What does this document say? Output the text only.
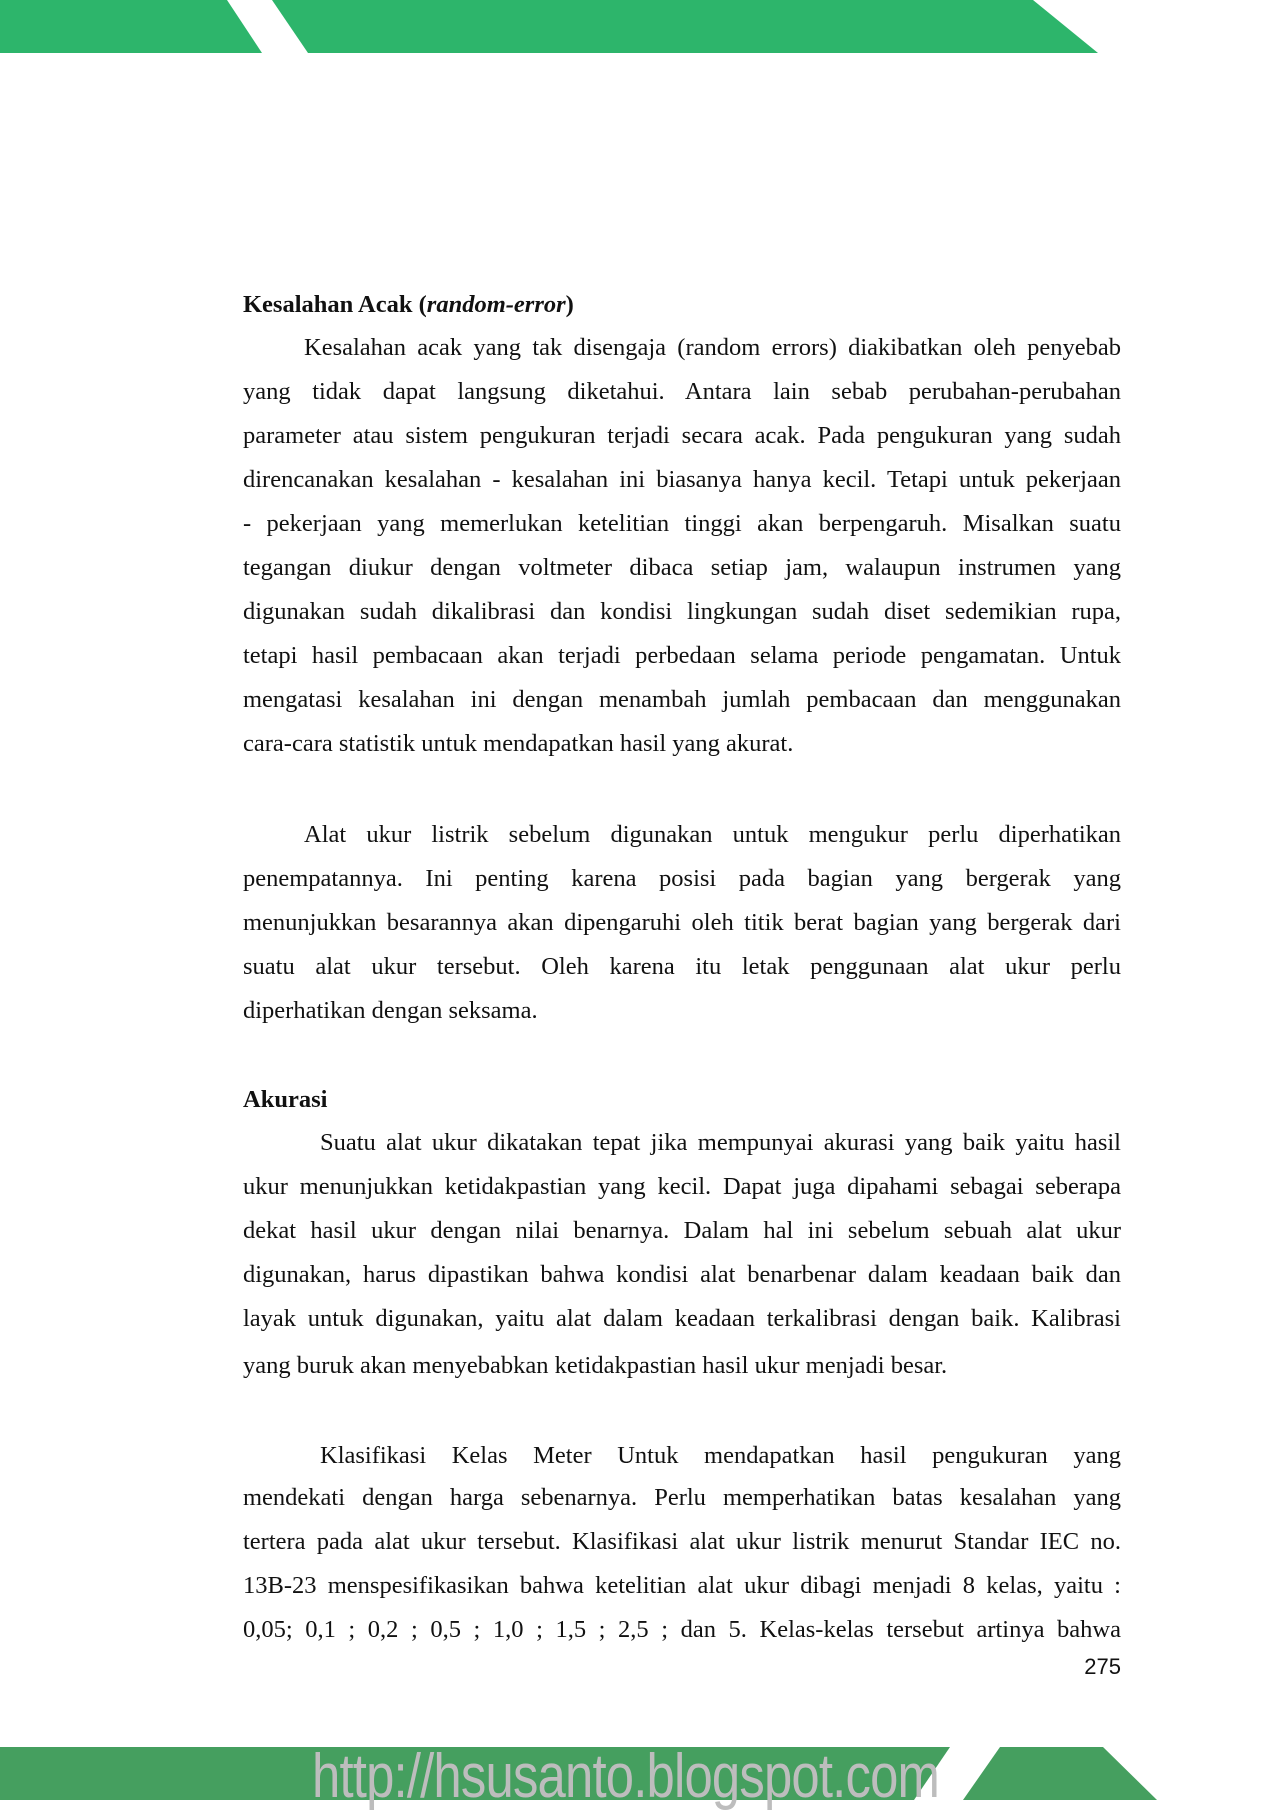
Kesalahan Acak (random-error)
Kesalahan acak yang tak disengaja (random errors) diakibatkan oleh penyebab
yang tidak dapat langsung diketahui. Antara lain sebab perubahan-perubahan
parameter atau sistem pengukuran terjadi secara acak. Pada pengukuran yang sudah
direncanakan kesalahan - kesalahan ini biasanya hanya kecil. Tetapi untuk pekerjaan
- pekerjaan yang memerlukan ketelitian tinggi akan berpengaruh. Misalkan suatu
tegangan diukur dengan voltmeter dibaca setiap jam, walaupun instrumen yang
digunakan sudah dikalibrasi dan kondisi lingkungan sudah diset sedemikian rupa,
tetapi hasil pembacaan akan terjadi perbedaan selama periode pengamatan. Untuk
mengatasi kesalahan ini dengan menambah jumlah pembacaan dan menggunakan
cara-cara statistik untuk mendapatkan hasil yang akurat.
Alat ukur listrik sebelum digunakan untuk mengukur perlu diperhatikan
penempatannya. Ini penting karena posisi pada bagian yang bergerak yang
menunjukkan besarannya akan dipengaruhi oleh titik berat bagian yang bergerak dari
suatu alat ukur tersebut. Oleh karena itu letak penggunaan alat ukur perlu
diperhatikan dengan seksama.
Akurasi
Suatu alat ukur dikatakan tepat jika mempunyai akurasi yang baik yaitu hasil
ukur menunjukkan ketidakpastian yang kecil. Dapat juga dipahami sebagai seberapa
dekat hasil ukur dengan nilai benarnya. Dalam hal ini sebelum sebuah alat ukur
digunakan, harus dipastikan bahwa kondisi alat benarbenar dalam keadaan baik dan
layak untuk digunakan, yaitu alat dalam keadaan terkalibrasi dengan baik. Kalibrasi
yang buruk akan menyebabkan ketidakpastian hasil ukur menjadi besar.
Klasifikasi Kelas Meter Untuk mendapatkan hasil pengukuran yang
mendekati dengan harga sebenarnya. Perlu memperhatikan batas kesalahan yang
tertera pada alat ukur tersebut. Klasifikasi alat ukur listrik menurut Standar IEC no.
13B-23 menspesifikasikan bahwa ketelitian alat ukur dibagi menjadi 8 kelas, yaitu :
0,05; 0,1 ; 0,2 ; 0,5 ; 1,0 ; 1,5 ; 2,5 ; dan 5. Kelas-kelas tersebut artinya bahwa
275
http://hsusanto.blogspot.com
